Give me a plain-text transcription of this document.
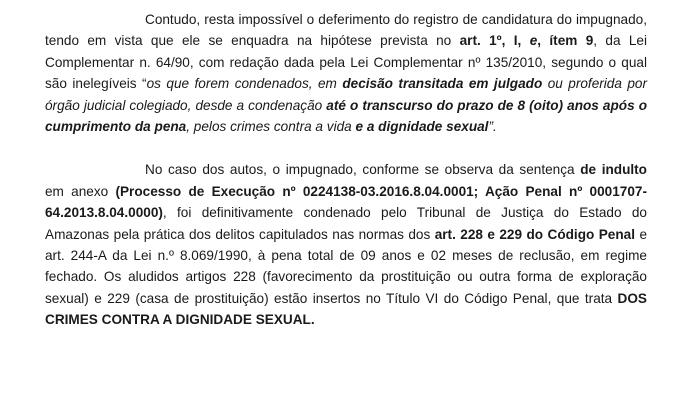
Contudo, resta impossível o deferimento do registro de candidatura do impugnado, tendo em vista que ele se enquadra na hipótese prevista no art. 1º, I, e, ítem 9, da Lei Complementar n. 64/90, com redação dada pela Lei Complementar nº 135/2010, segundo o qual são inelegíveis “os que forem condenados, em decisão transitada em julgado ou proferida por órgão judicial colegiado, desde a condenação até o transcurso do prazo de 8 (oito) anos após o cumprimento da pena, pelos crimes contra a vida e a dignidade sexual”.

No caso dos autos, o impugnado, conforme se observa da sentença de indulto em anexo (Processo de Execução nº 0224138-03.2016.8.04.0001; Ação Penal nº 0001707-64.2013.8.04.0000), foi definitivamente condenado pelo Tribunal de Justiça do Estado do Amazonas pela prática dos delitos capitulados nas normas dos art. 228 e 229 do Código Penal e art. 244-A da Lei n.º 8.069/1990, à pena total de 09 anos e 02 meses de reclusão, em regime fechado. Os aludidos artigos 228 (favorecimento da prostituição ou outra forma de exploração sexual) e 229 (casa de prostituição) estão insertos no Título VI do Código Penal, que trata DOS CRIMES CONTRA A DIGNIDADE SEXUAL.
